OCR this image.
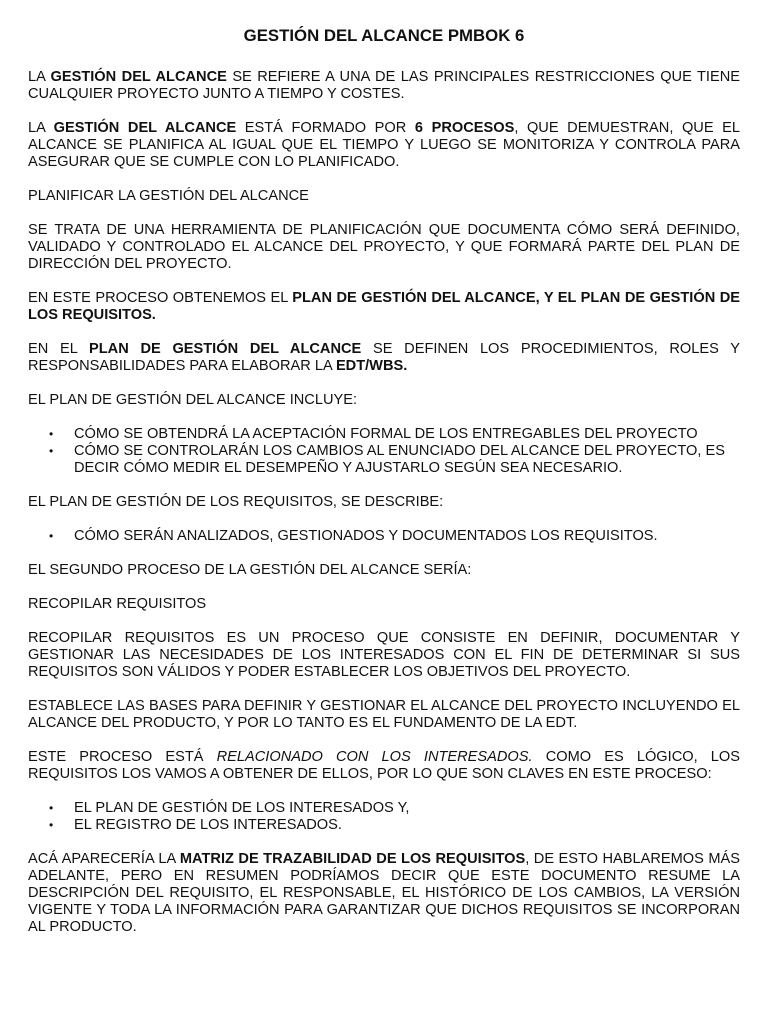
GESTIÓN DEL ALCANCE PMBOK 6

LA GESTIÓN DEL ALCANCE SE REFIERE A UNA DE LAS PRINCIPALES RESTRICCIONES QUE TIENE CUALQUIER PROYECTO JUNTO A TIEMPO Y COSTES.

LA GESTIÓN DEL ALCANCE ESTÁ FORMADO POR 6 PROCESOS, QUE DEMUESTRAN, QUE EL ALCANCE SE PLANIFICA AL IGUAL QUE EL TIEMPO Y LUEGO SE MONITORIZA Y CONTROLA PARA ASEGURAR QUE SE CUMPLE CON LO PLANIFICADO.

PLANIFICAR LA GESTIÓN DEL ALCANCE

SE TRATA DE UNA HERRAMIENTA DE PLANIFICACIÓN QUE DOCUMENTA CÓMO SERÁ DEFINIDO, VALIDADO Y CONTROLADO EL ALCANCE DEL PROYECTO, Y QUE FORMARÁ PARTE DEL PLAN DE DIRECCIÓN DEL PROYECTO.

EN ESTE PROCESO OBTENEMOS EL PLAN DE GESTIÓN DEL ALCANCE, Y EL PLAN DE GESTIÓN DE LOS REQUISITOS.

EN EL PLAN DE GESTIÓN DEL ALCANCE SE DEFINEN LOS PROCEDIMIENTOS, ROLES Y RESPONSABILIDADES PARA ELABORAR LA EDT/WBS.

EL PLAN DE GESTIÓN DEL ALCANCE INCLUYE:

• CÓMO SE OBTENDRÁ LA ACEPTACIÓN FORMAL DE LOS ENTREGABLES DEL PROYECTO
• CÓMO SE CONTROLARÁN LOS CAMBIOS AL ENUNCIADO DEL ALCANCE DEL PROYECTO, ES DECIR CÓMO MEDIR EL DESEMPEÑO Y AJUSTARLO SEGÚN SEA NECESARIO.

EL PLAN DE GESTIÓN DE LOS REQUISITOS, SE DESCRIBE:

• CÓMO SERÁN ANALIZADOS, GESTIONADOS Y DOCUMENTADOS LOS REQUISITOS.

EL SEGUNDO PROCESO DE LA GESTIÓN DEL ALCANCE SERÍA:

RECOPILAR REQUISITOS

RECOPILAR REQUISITOS ES UN PROCESO QUE CONSISTE EN DEFINIR, DOCUMENTAR Y GESTIONAR LAS NECESIDADES DE LOS INTERESADOS CON EL FIN DE DETERMINAR SI SUS REQUISITOS SON VÁLIDOS Y PODER ESTABLECER LOS OBJETIVOS DEL PROYECTO.

ESTABLECE LAS BASES PARA DEFINIR Y GESTIONAR EL ALCANCE DEL PROYECTO INCLUYENDO EL ALCANCE DEL PRODUCTO, Y POR LO TANTO ES EL FUNDAMENTO DE LA EDT.

ESTE PROCESO ESTÁ RELACIONADO CON LOS INTERESADOS. COMO ES LÓGICO, LOS REQUISITOS LOS VAMOS A OBTENER DE ELLOS, POR LO QUE SON CLAVES EN ESTE PROCESO:

• EL PLAN DE GESTIÓN DE LOS INTERESADOS Y,
• EL REGISTRO DE LOS INTERESADOS.

ACÁ APARECERÍA LA MATRIZ DE TRAZABILIDAD DE LOS REQUISITOS, DE ESTO HABLAREMOS MÁS ADELANTE, PERO EN RESUMEN PODRÍAMOS DECIR QUE ESTE DOCUMENTO RESUME LA DESCRIPCIÓN DEL REQUISITO, EL RESPONSABLE, EL HISTÓRICO DE LOS CAMBIOS, LA VERSIÓN VIGENTE Y TODA LA INFORMACIÓN PARA GARANTIZAR QUE DICHOS REQUISITOS SE INCORPORAN AL PRODUCTO.
